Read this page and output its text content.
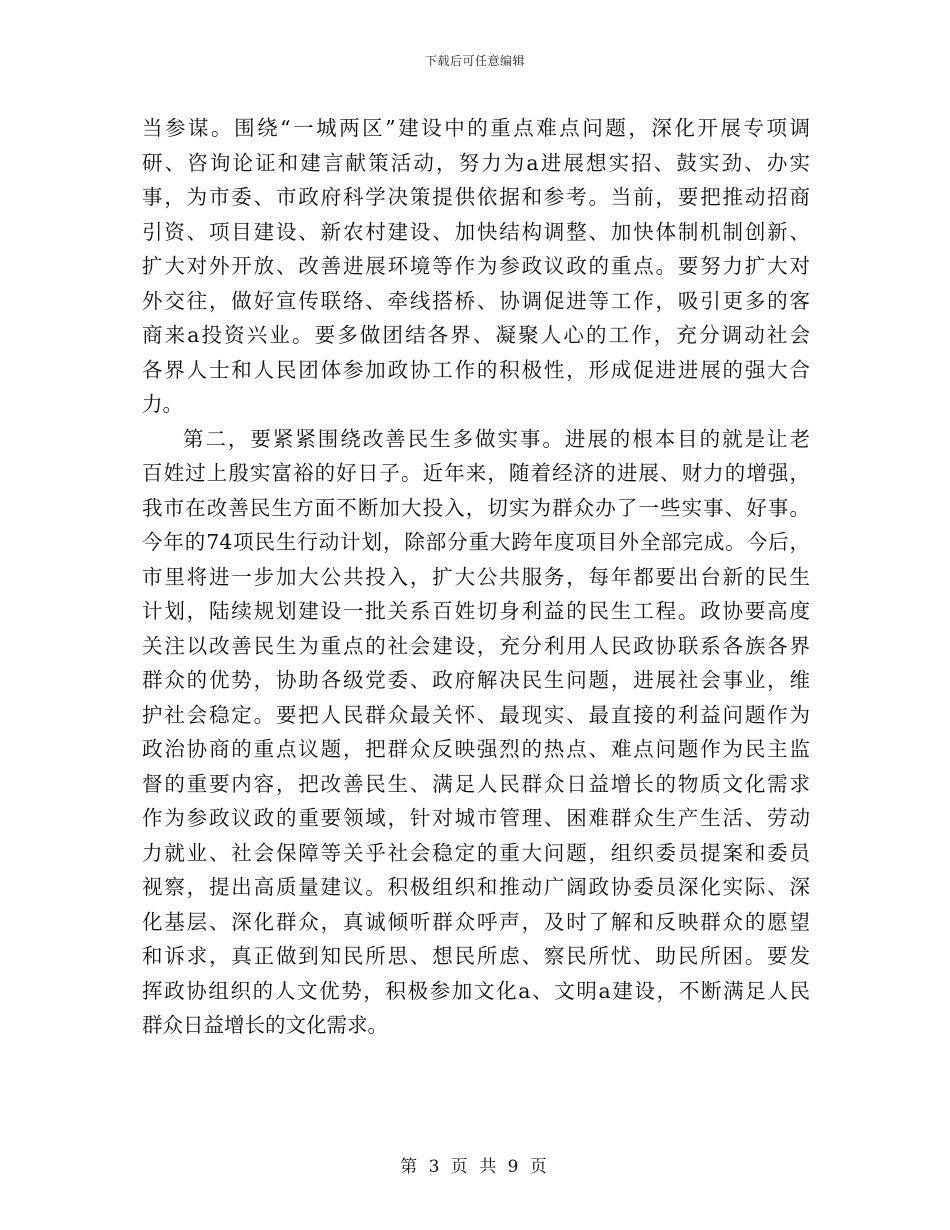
下载后可任意编辑
当参谋。围绕“一城两区”建设中的重点难点问题，深化开展专项调
研、咨询论证和建言献策活动，努力为a进展想实招、鼓实劲、办实
事，为市委、市政府科学决策提供依据和参考。当前，要把推动招商
引资、项目建设、新农村建设、加快结构调整、加快体制机制创新、
扩大对外开放、改善进展环境等作为参政议政的重点。要努力扩大对
外交往，做好宣传联络、牵线搭桥、协调促进等工作，吸引更多的客
商来a投资兴业。要多做团结各界、凝聚人心的工作，充分调动社会
各界人士和人民团体参加政协工作的积极性，形成促进进展的强大合
力。
第二，要紧紧围绕改善民生多做实事。进展的根本目的就是让老
百姓过上殷实富裕的好日子。近年来，随着经济的进展、财力的增强，
我市在改善民生方面不断加大投入，切实为群众办了一些实事、好事。
今年的74项民生行动计划，除部分重大跨年度项目外全部完成。今后，
市里将进一步加大公共投入，扩大公共服务，每年都要出台新的民生
计划，陆续规划建设一批关系百姓切身利益的民生工程。政协要高度
关注以改善民生为重点的社会建设，充分利用人民政协联系各族各界
群众的优势，协助各级党委、政府解决民生问题，进展社会事业，维
护社会稳定。要把人民群众最关怀、最现实、最直接的利益问题作为
政治协商的重点议题，把群众反映强烈的热点、难点问题作为民主监
督的重要内容，把改善民生、满足人民群众日益增长的物质文化需求
作为参政议政的重要领域，针对城市管理、困难群众生产生活、劳动
力就业、社会保障等关乎社会稳定的重大问题，组织委员提案和委员
视察，提出高质量建议。积极组织和推动广阔政协委员深化实际、深
化基层、深化群众，真诚倾听群众呼声，及时了解和反映群众的愿望
和诉求，真正做到知民所思、想民所虑、察民所忧、助民所困。要发
挥政协组织的人文优势，积极参加文化a、文明a建设，不断满足人民
群众日益增长的文化需求。
第 3 页 共 9 页
